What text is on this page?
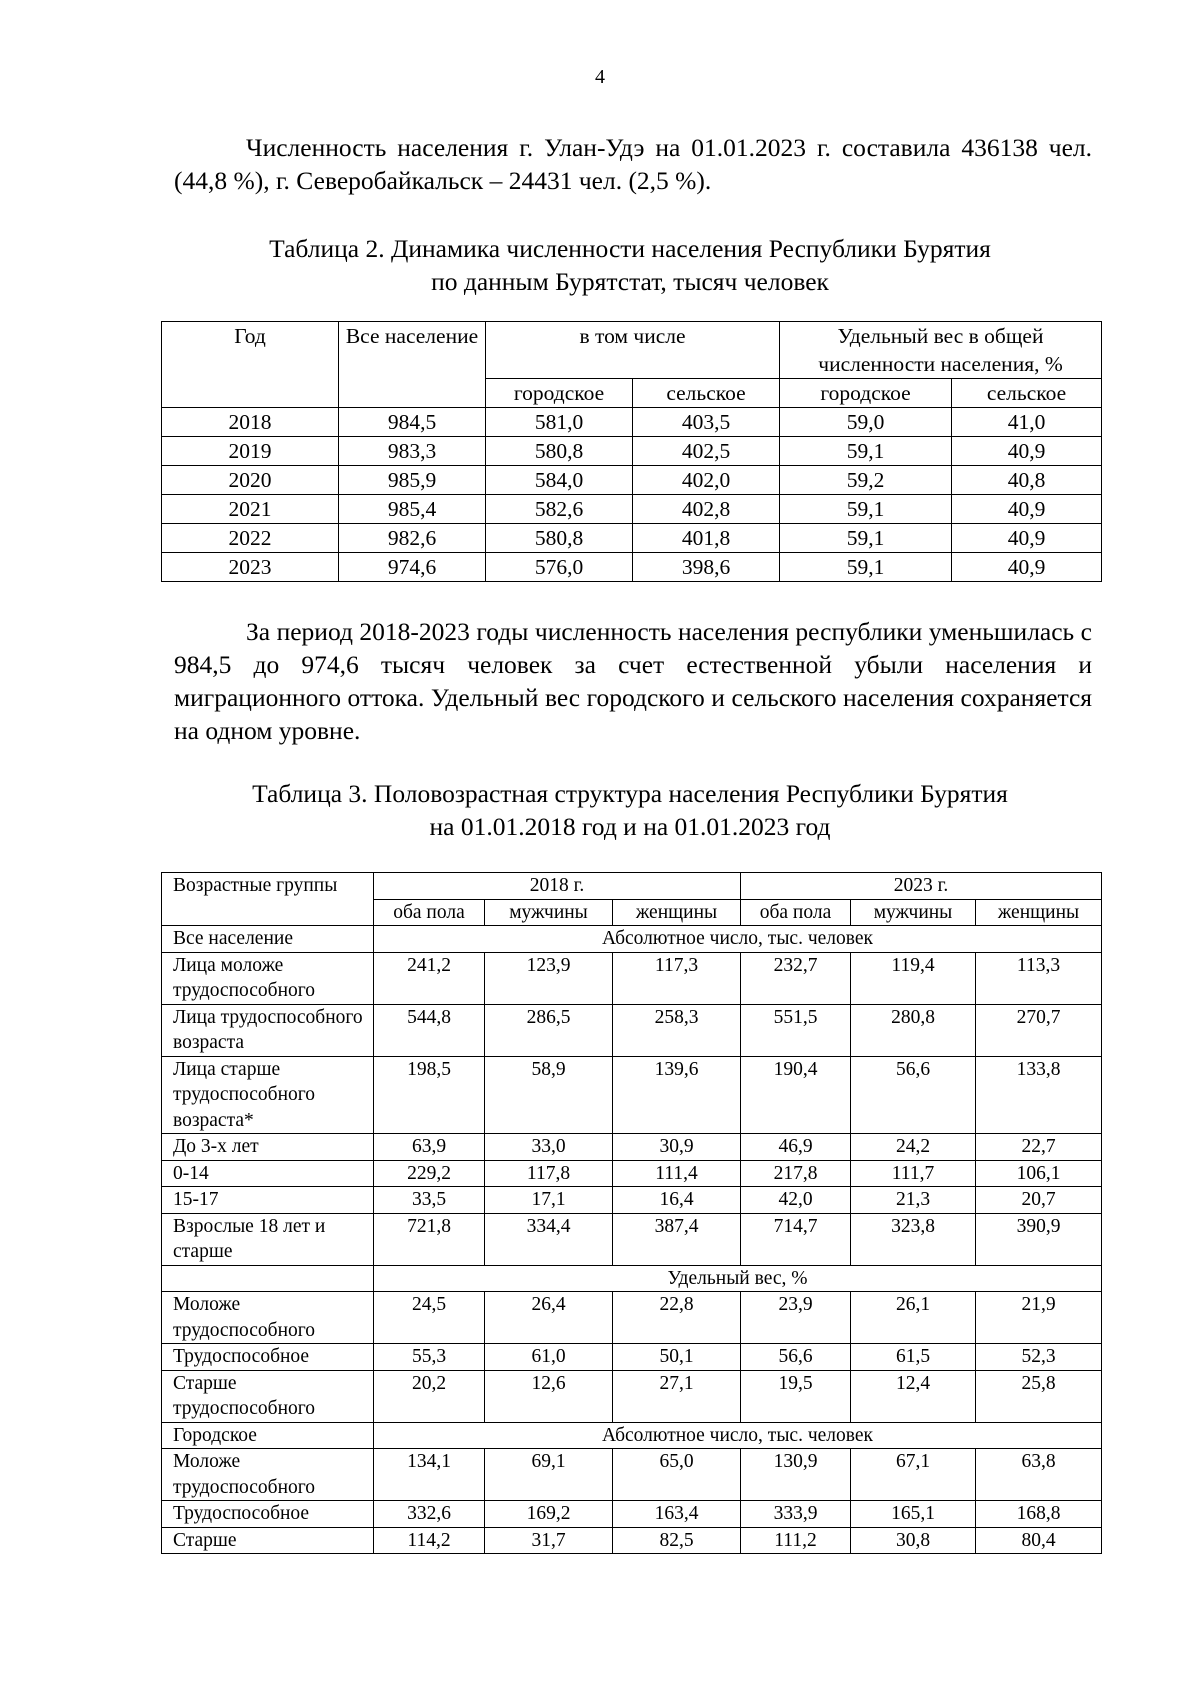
4

Численность населения г. Улан-Удэ на 01.01.2023 г. составила 436138 чел. (44,8 %), г. Северобайкальск – 24431 чел. (2,5 %).

Таблица 2. Динамика численности населения Республики Бурятия
по данным Бурятстат, тысяч человек
Год	Все население	в том числе		Удельный вес в общей численности населения, %	
		городское	сельское	городское	сельское
2018	984,5	581,0	403,5	59,0	41,0
2019	983,3	580,8	402,5	59,1	40,9
2020	985,9	584,0	402,0	59,2	40,8
2021	985,4	582,6	402,8	59,1	40,9
2022	982,6	580,8	401,8	59,1	40,9
2023	974,6	576,0	398,6	59,1	40,9

За период 2018-2023 годы численность населения республики уменьшилась с 984,5 до 974,6 тысяч человек за счет естественной убыли населения и миграционного оттока. Удельный вес городского и сельского населения сохраняется на одном уровне.

Таблица 3. Половозрастная структура населения Республики Бурятия
на 01.01.2018 год и на 01.01.2023 год
Возрастные группы	2018 г.			2023 г.		
	оба пола	мужчины	женщины	оба пола	мужчины	женщины
Все население	Абсолютное число, тыс. человек					
Лица моложе трудоспособного	241,2	123,9	117,3	232,7	119,4	113,3
Лица трудоспособного возраста	544,8	286,5	258,3	551,5	280,8	270,7
Лица старше трудоспособного возраста*	198,5	58,9	139,6	190,4	56,6	133,8
До 3-х лет	63,9	33,0	30,9	46,9	24,2	22,7
0-14	229,2	117,8	111,4	217,8	111,7	106,1
15-17	33,5	17,1	16,4	42,0	21,3	20,7
Взрослые 18 лет и старше	721,8	334,4	387,4	714,7	323,8	390,9
	Удельный вес, %					
Моложе трудоспособного	24,5	26,4	22,8	23,9	26,1	21,9
Трудоспособное	55,3	61,0	50,1	56,6	61,5	52,3
Старше трудоспособного	20,2	12,6	27,1	19,5	12,4	25,8
Городское	Абсолютное число, тыс. человек					
Моложе трудоспособного	134,1	69,1	65,0	130,9	67,1	63,8
Трудоспособное	332,6	169,2	163,4	333,9	165,1	168,8
Старше	114,2	31,7	82,5	111,2	30,8	80,4
